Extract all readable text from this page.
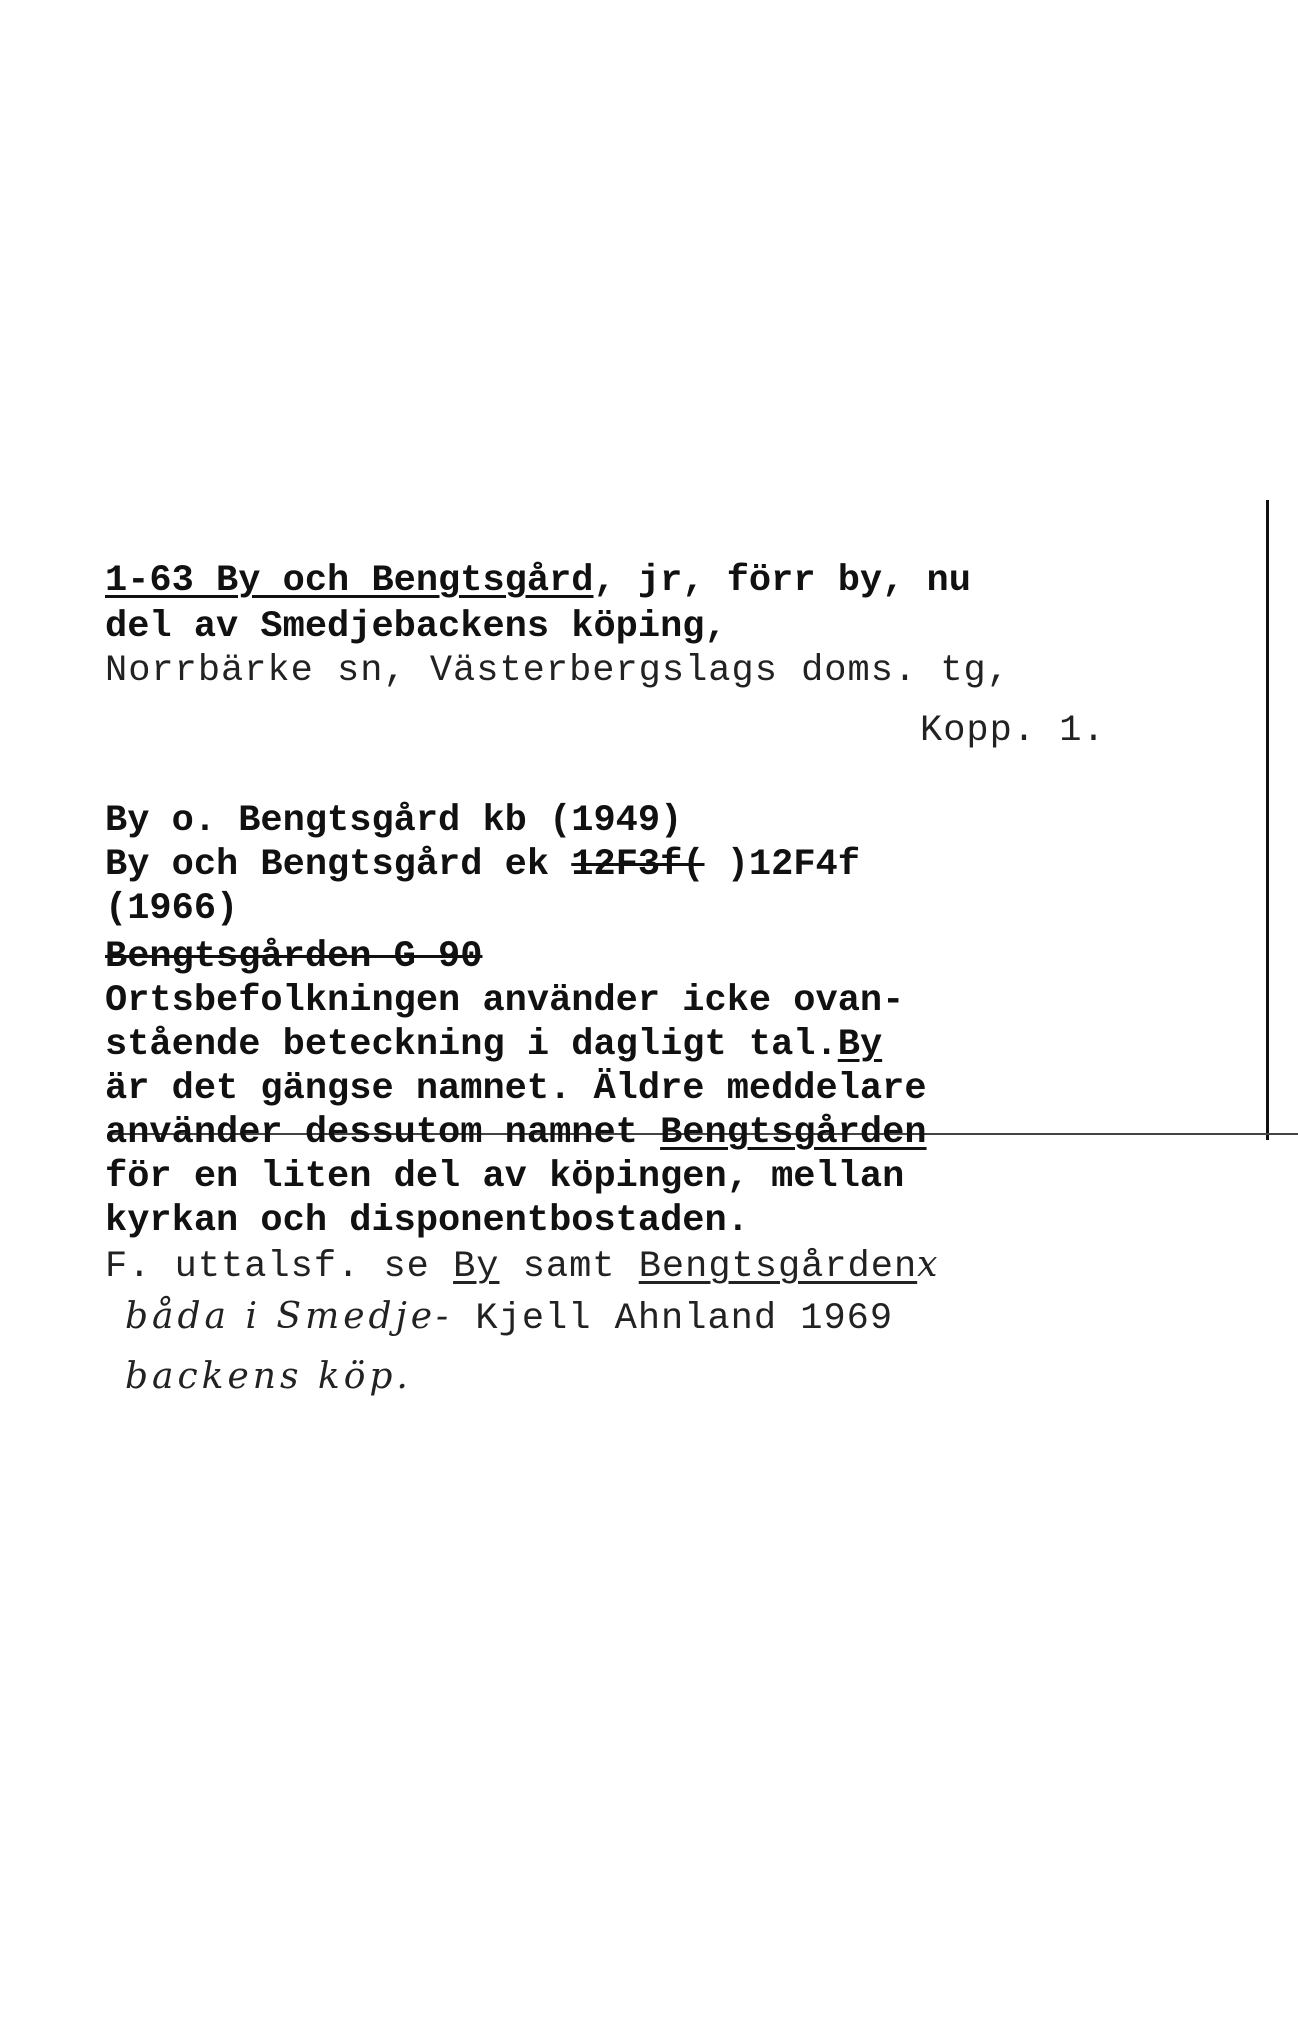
1-63 By och Bengtsgård, jr, förr by, nu
del av Smedjebackens köping,
Norrbärke sn, Västerbergslags doms. tg,
Kopp. 1.
By o. Bengtsgård kb (1949)
By och Bengtsgård ek 12F3f( )12F4f
(1966)
Bengtsgården G 90
Ortsbefolkningen använder icke ovan-
stående beteckning i dagligt tal.By
är det gängse namnet. Äldre meddelare
använder dessutom namnet Bengtsgården
för en liten del av köpingen, mellan
kyrkan och disponentbostaden.
F. uttalsf. se By samt Bengtsgårdenx
båda i Smedje- Kjell Ahnland 1969
backens köp.
